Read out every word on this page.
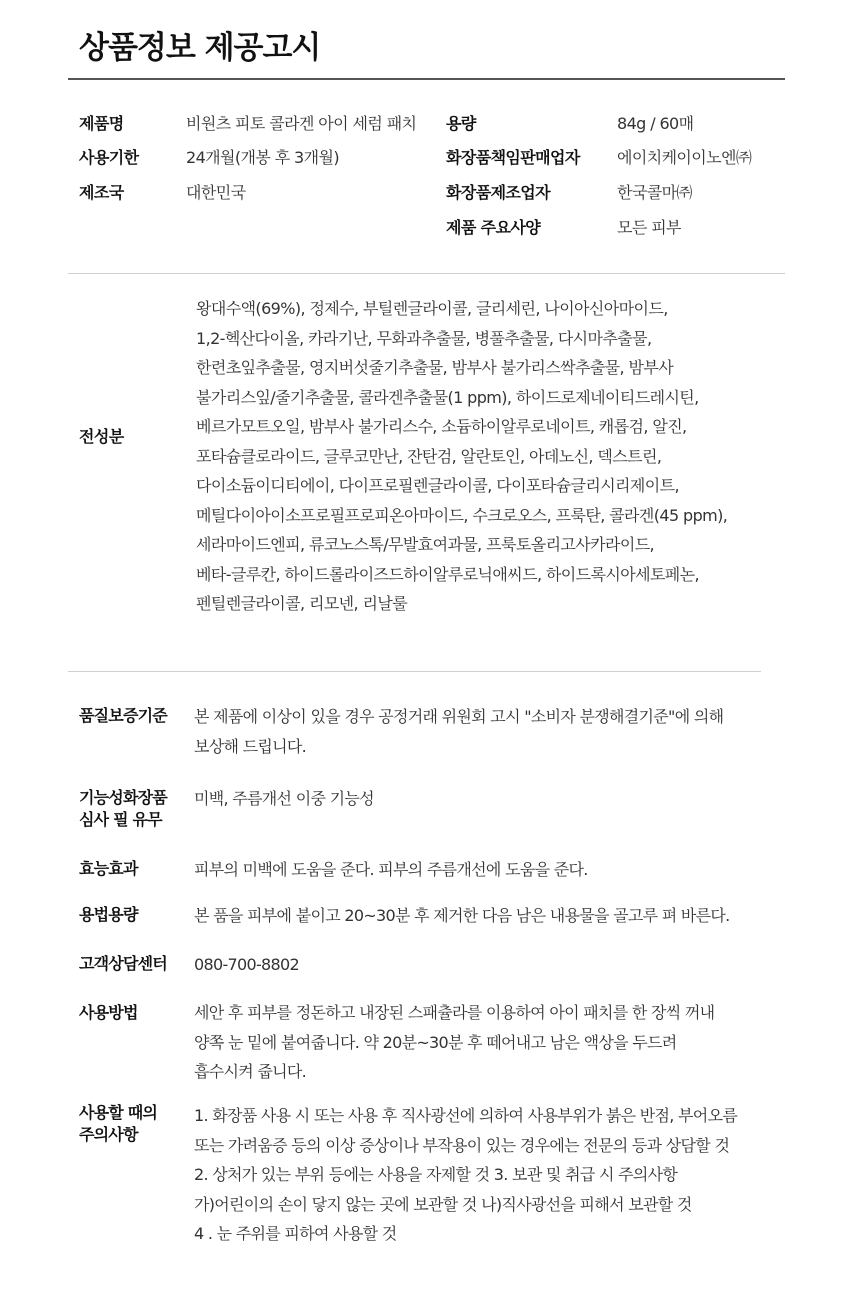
상품정보 제공고시
제품명	비원츠 피토 콜라겐 아이 세럼 패치 용량	84g / 60매
사용기한	24개월(개봉 후 3개월)	화장품책임판매업자 에이치케이이노엔㈜
제조국	대한민국	화장품제조업자	한국콜마㈜
제품 주요사양	모든 피부
전성분
왕대수액(69%), 정제수, 부틸렌글라이콜, 글리세린, 나이아신아마이드,
1,2-헥산다이올, 카라기난, 무화과추출물, 병풀추출물, 다시마추출물,
한련초잎추출물, 영지버섯줄기추출물, 밤부사 불가리스싹추출물, 밤부사
불가리스잎/줄기추출물, 콜라겐추출물(1 ppm), 하이드로제네이티드레시틴,
베르가모트오일, 밤부사 불가리스수, 소듐하이알루로네이트, 캐롭검, 알진,
포타슘클로라이드, 글루코만난, 잔탄검, 알란토인, 아데노신, 덱스트린,
다이소듐이디티에이, 다이프로필렌글라이콜, 다이포타슘글리시리제이트,
메틸다이아이소프로필프로피온아마이드, 수크로오스, 프룩탄, 콜라겐(45 ppm),
세라마이드엔피, 류코노스톡/무발효여과물, 프룩토올리고사카라이드,
베타-글루칸, 하이드롤라이즈드하이알루로닉애씨드, 하이드록시아세토페논,
펜틸렌글라이콜, 리모넨, 리날룰
품질보증기준	본 제품에 이상이 있을 경우 공정거래 위원회 고시 "소비자 분쟁해결기준"에 의해
보상해 드립니다.
기능성화장품
심사 필 유무
미백, 주름개선 이중 기능성
효능효과	피부의 미백에 도움을 준다. 피부의 주름개선에 도움을 준다.
용법용량	본 품을 피부에 붙이고 20~30분 후 제거한 다음 남은 내용물을 골고루 펴 바른다.
고객상담센터	080-700-8802
사용방법	세안 후 피부를 정돈하고 내장된 스패츌라를 이용하여 아이 패치를 한 장씩 꺼내
양쪽 눈 밑에 붙여줍니다. 약 20분~30분 후 떼어내고 남은 액상을 두드려
흡수시켜 줍니다.
사용할 때의
주의사항
1. 화장품 사용 시 또는 사용 후 직사광선에 의하여 사용부위가 붉은 반점, 부어오름
또는 가려움증 등의 이상 증상이나 부작용이 있는 경우에는 전문의 등과 상담할 것
2. 상처가 있는 부위 등에는 사용을 자제할 것 3. 보관 및 취급 시 주의사항
가)어린이의 손이 닿지 않는 곳에 보관할 것 나)직사광선을 피해서 보관할 것
4 . 눈 주위를 피하여 사용할 것
